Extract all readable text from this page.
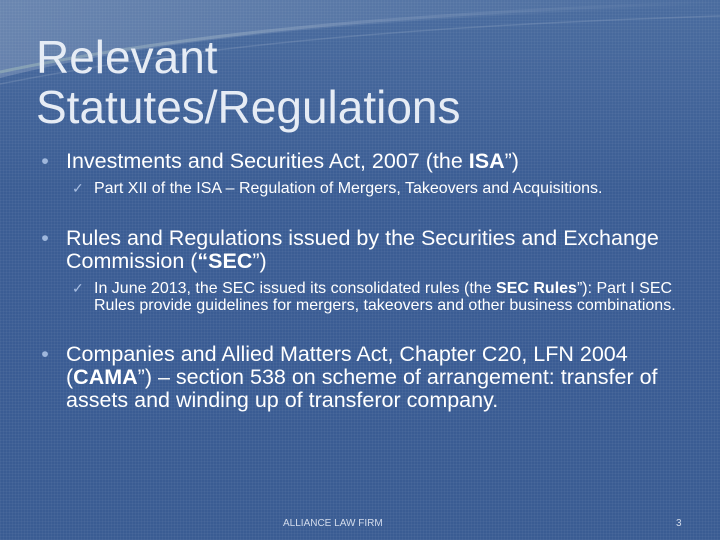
Relevant
Statutes/Regulations
• Investments and Securities Act, 2007 (the ISA”)
✓ Part XII of the ISA – Regulation of Mergers, Takeovers and Acquisitions.
• Rules and Regulations issued by the Securities and Exchange Commission (“SEC”)
✓ In June 2013, the SEC issued its consolidated rules (the SEC Rules”): Part I SEC Rules provide guidelines for mergers, takeovers and other business combinations.
• Companies and Allied Matters Act, Chapter C20, LFN 2004 (CAMA”) – section 538 on scheme of arrangement: transfer of assets and winding up of transferor company.
ALLIANCE LAW FIRM	3
